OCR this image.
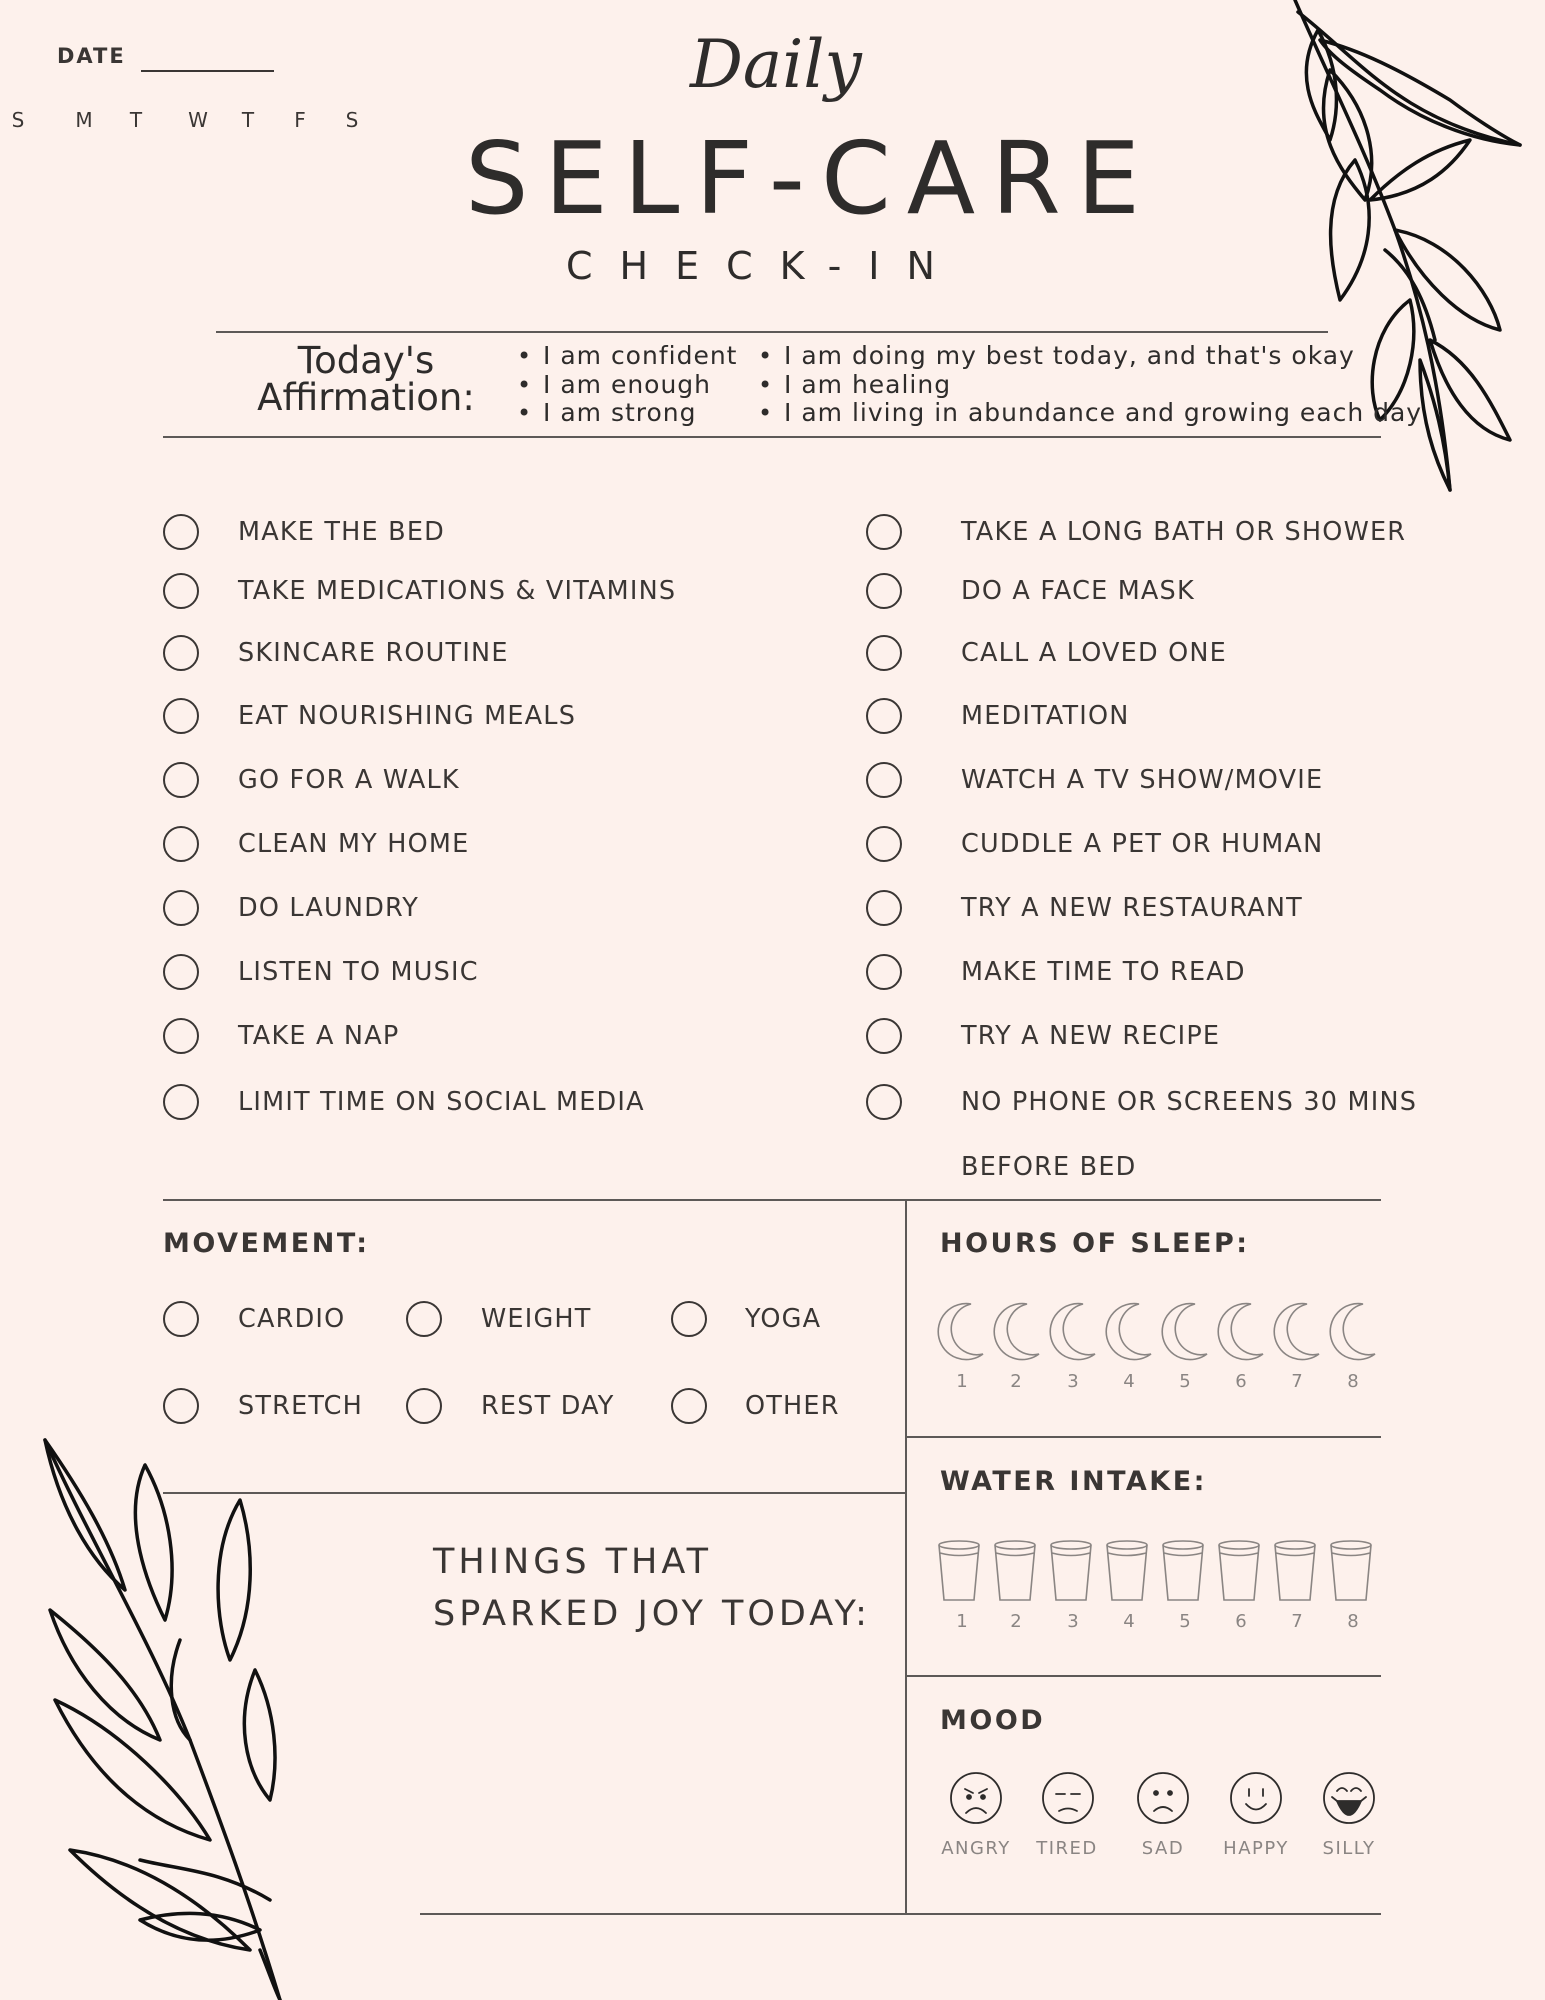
DATE
S	M T W T	F	S
Daily
SELF-CARE
CHECK-IN
Today's
Affirmation:
• I am confident
• I am enough
• I am strong
• I am doing my best today, and that's okay
• I am healing
• I am living in abundance and growing each day
MAKE THE BED
TAKE MEDICATIONS & VITAMINS
SKINCARE ROUTINE
EAT NOURISHING MEALS
GO FOR A WALK
CLEAN MY HOME
DO LAUNDRY
LISTEN TO MUSIC
TAKE A NAP
LIMIT TIME ON SOCIAL MEDIA
TAKE A LONG BATH OR SHOWER
DO A FACE MASK
CALL A LOVED ONE
MEDITATION
WATCH A TV SHOW/MOVIE
CUDDLE A PET OR HUMAN
TRY A NEW RESTAURANT
MAKE TIME TO READ
TRY A NEW RECIPE
NO PHONE OR SCREENS 30 MINS
BEFORE BED
MOVEMENT:
CARDIO	WEIGHT	YOGA
STRETCH	REST DAY	OTHER
THINGS THAT
SPARKED JOY TODAY:
HOURS OF SLEEP:
1 2	3 4 5 6 7 8
WATER INTAKE:
1 2	3 4 5 6 7 8
MOOD
ANGRY	TIRED	SAD	HAPPY	SILLY
